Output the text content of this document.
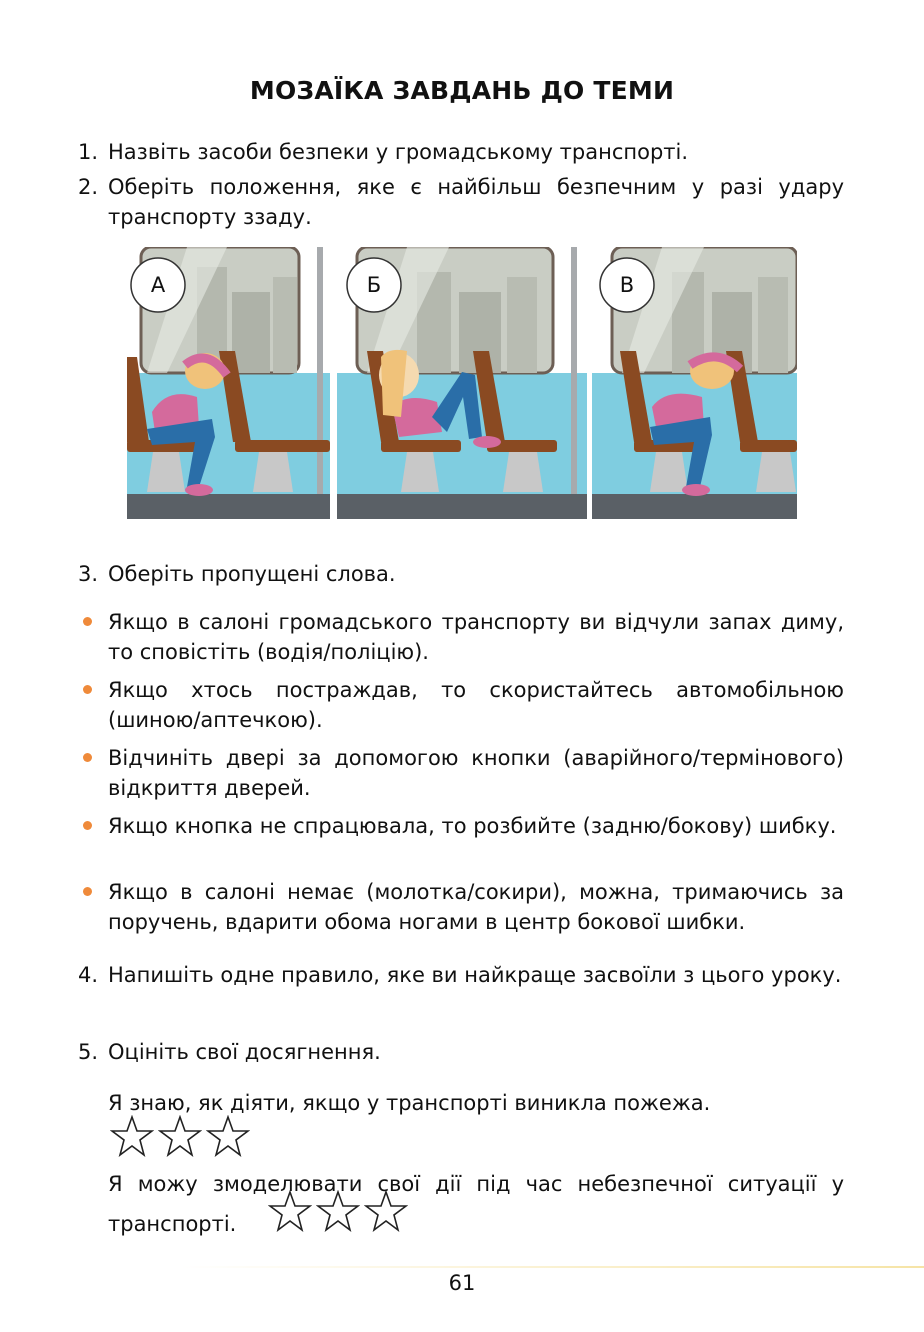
МОЗАЇКА ЗАВДАНЬ ДО ТЕМИ
1. Назвіть засоби безпеки у громадському транспорті.
2. Оберіть положення, яке є найбільш безпечним у разі удару транспорту ззаду.
А	Б	В
3. Оберіть пропущені слова.
Якщо в салоні громадського транспорту ви відчули запах диму, то сповістіть (водія/поліцію).
Якщо хтось постраждав, то скористайтесь автомобільною (шиною/аптечкою).
Відчиніть двері за допомогою кнопки (аварійного/термінового) відкриття дверей.
Якщо кнопка не спрацювала, то розбийте (задню/бокову) шибку.
Якщо в салоні немає (молотка/сокири), можна, тримаючись за поручень, вдарити обома ногами в центр бокової шибки.
4. Напишіть одне правило, яке ви найкраще засвоїли з цього уроку.
5. Оцініть свої досягнення.
Я знаю, як діяти, якщо у транспорті виникла пожежа.
Я можу змоделювати свої дії під час небезпечної ситуації у транспорті.
61
